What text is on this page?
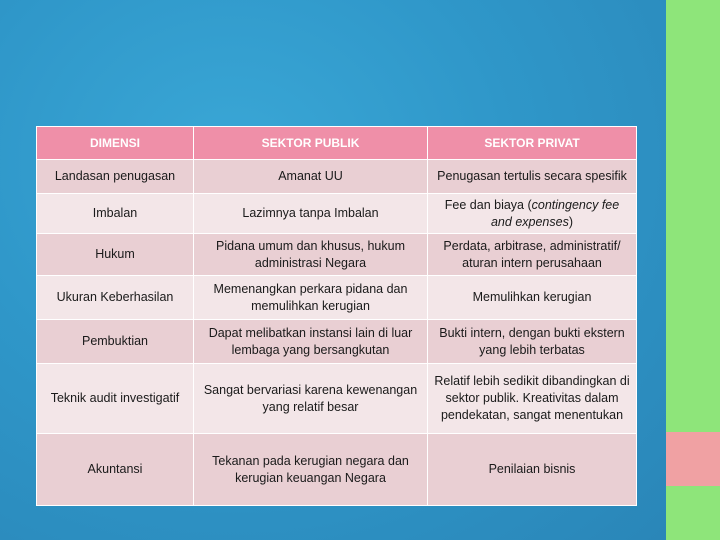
DIMENSI	SEKTOR PUBLIK	SEKTOR PRIVAT
Landasan penugasan	Amanat UU	Penugasan tertulis secara spesifik
Imbalan	Lazimnya tanpa Imbalan	Fee dan biaya (contingency fee and expenses)
Hukum	Pidana umum dan khusus, hukum administrasi Negara	Perdata, arbitrase, administratif/ aturan intern perusahaan
Ukuran Keberhasilan	Memenangkan perkara pidana dan memulihkan kerugian	Memulihkan kerugian
Pembuktian	Dapat melibatkan instansi lain di luar lembaga yang bersangkutan	Bukti intern, dengan bukti ekstern yang lebih terbatas
Teknik audit investigatif	Sangat bervariasi karena kewenangan yang relatif besar	Relatif lebih sedikit dibandingkan di sektor publik. Kreativitas dalam pendekatan, sangat menentukan
Akuntansi	Tekanan pada kerugian negara dan kerugian keuangan Negara	Penilaian bisnis
